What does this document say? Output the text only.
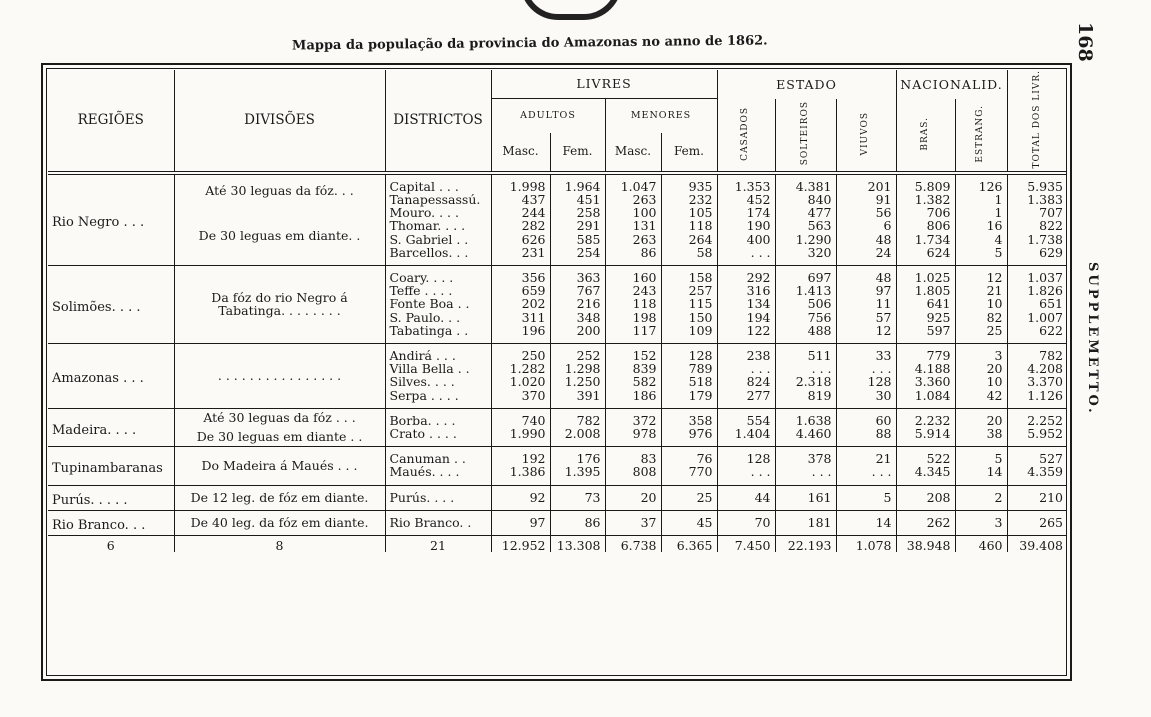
168
SUPPLEMETTO.
Mappa da população da provincia do Amazonas no anno de 1862.
REGIÕES	DIVISÕES	DISTRICTOS	LIVRES				ESTADO			NACIONALID.		TOTAL DOS LIVR.
			ADULTOS		MENORES		CASADOS	SOLTEIROS	VIUVOS	BRAS.	ESTRANG.	
			Masc.	Fem.	Masc.	Fem.						
Rio Negro . . .	Até 30 leguas da fóz. . .	Capital . . .	1.998	1.964	1.047	935	1.353	4.381	201	5.809	126	5.935
		Tanapessassú.	437	451	263	232	452	840	91	1.382	1	1.383
	De 30 leguas em diante. .	Mouro. . . .	244	258	100	105	174	477	56	706	1	707
		Thomar. . . .	282	291	131	118	190	563	6	806	16	822
		S. Gabriel . .	626	585	263	264	400	1.290	48	1.734	4	1.738
		Barcellos. . .	231	254	86	58	. . .	320	24	624	5	629
Solimões. . . .	Da fóz do rio Negro á Tabatinga. . . . . . . .	Coary. . . .	356	363	160	158	292	697	48	1.025	12	1.037
		Teffe . . . .	659	767	243	257	316	1.413	97	1.805	21	1.826
		Fonte Boa . .	202	216	118	115	134	506	11	641	10	651
		S. Paulo. . .	311	348	198	150	194	756	57	925	82	1.007
		Tabatinga . .	196	200	117	109	122	488	12	597	25	622
Amazonas . . .	. . . . . . . . . . . . . . . .	Andirá . . .	250	252	152	128	238	511	33	779	3	782
		Villa Bella . .	1.282	1.298	839	789	. . .	. . .	. . .	4.188	20	4.208
		Silves. . . .	1.020	1.250	582	518	824	2.318	128	3.360	10	3.370
		Serpa . . . .	370	391	186	179	277	819	30	1.084	42	1.126
Madeira. . . .	Até 30 leguas da fóz . . .	Borba. . . .	740	782	372	358	554	1.638	60	2.232	20	2.252
	De 30 leguas em diante . .	Crato . . . .	1.990	2.008	978	976	1.404	4.460	88	5.914	38	5.952
Tupinambaranas	Do Madeira á Maués . . .	Canuman . .	192	176	83	76	128	378	21	522	5	527
		Maués. . . .	1.386	1.395	808	770	. . .	. . .	. . .	4.345	14	4.359
Purús. . . . .	De 12 leg. de fóz em diante.	Purús. . . .	92	73	20	25	44	161	5	208	2	210
Rio Branco. . .	De 40 leg. da fóz em diante.	Rio Branco. .	97	86	37	45	70	181	14	262	3	265
6	8	21	12.952	13.308	6.738	6.365	7.450	22.193	1.078	38.948	460	39.408
